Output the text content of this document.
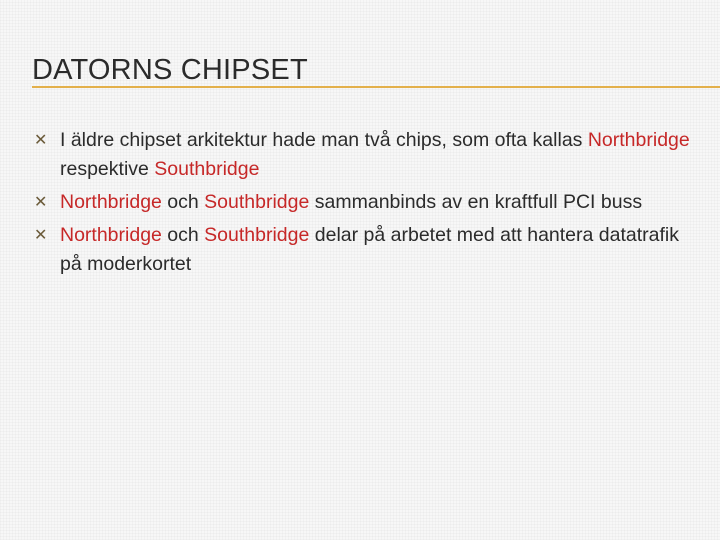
DATORNS CHIPSET
✕ I äldre chipset arkitektur hade man två chips, som ofta kallas Northbridge respektive Southbridge
✕ Northbridge och Southbridge sammanbinds av en kraftfull PCI buss
✕ Northbridge och Southbridge delar på arbetet med att hantera datatrafik på moderkortet
